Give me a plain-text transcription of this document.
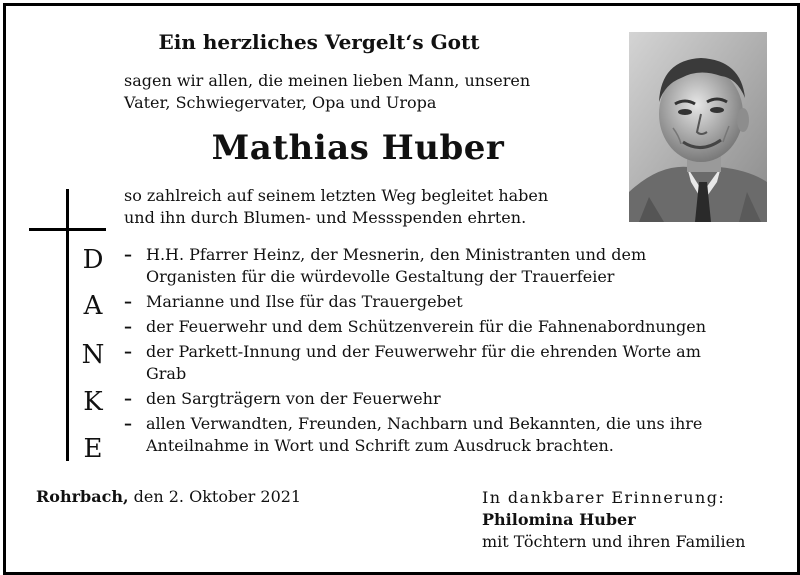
Ein herzliches Vergelt‘s Gott
sagen wir allen, die meinen lieben Mann, unseren
Vater, Schwiegervater, Opa und Uropa
Mathias Huber
so zahlreich auf seinem letzten Weg begleitet haben
und ihn durch Blumen- und Messspenden ehrten.
D
A
N
K
E
– H.H. Pfarrer Heinz, der Mesnerin, den Ministranten und dem
Organisten für die würdevolle Gestaltung der Trauerfeier
– Marianne und Ilse für das Trauergebet
– der Feuerwehr und dem Schützenverein für die Fahnenabordnungen
– der Parkett-Innung und der Feuwerwehr für die ehrenden Worte am
Grab
– den Sargträgern von der Feuerwehr
– allen Verwandten, Freunden, Nachbarn und Bekannten, die uns ihre
Anteilnahme in Wort und Schrift zum Ausdruck brachten.
Rohrbach, den 2. Oktober 2021	In dankbarer Erinnerung:
Philomina Huber
mit Töchtern und ihren Familien
